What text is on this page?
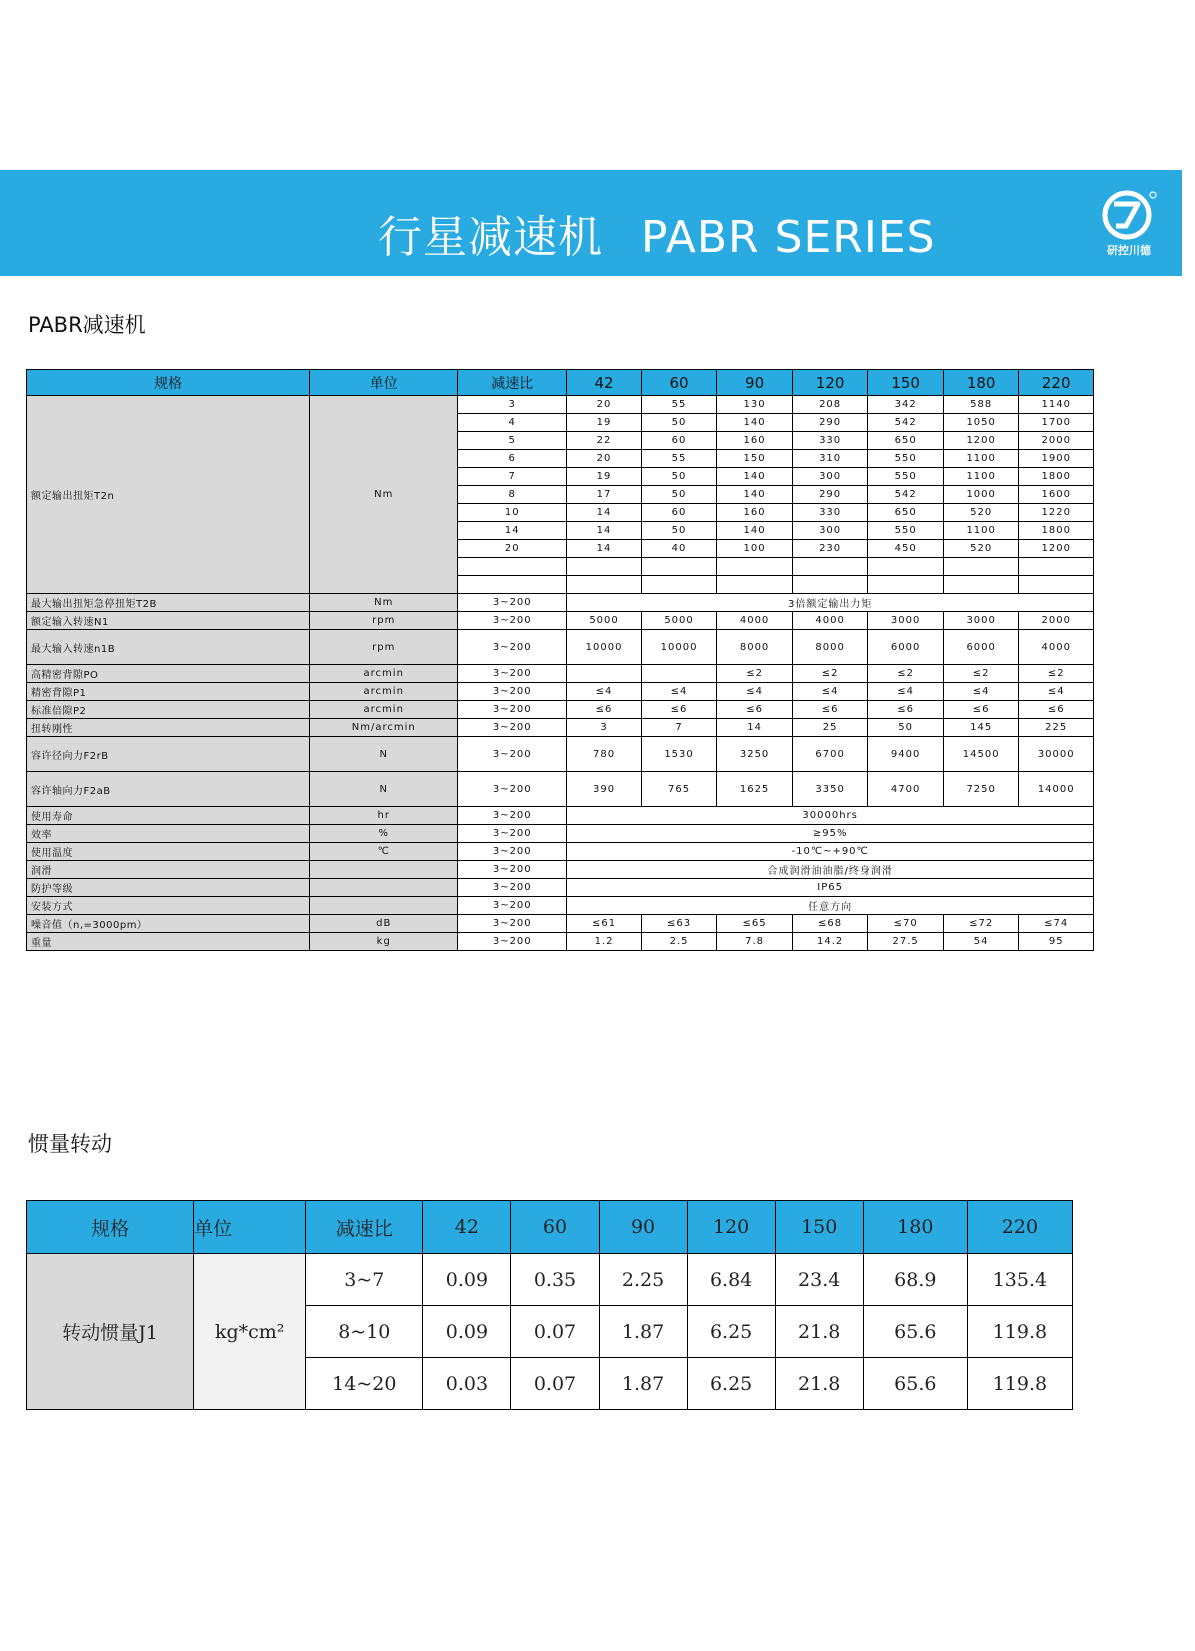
行星减速机 PABR SERIES	研控川德
PABR减速机
规格	单位	减速比	42	60	90	120	150	180	220
额定输出扭矩T2n	Nm	3	20	55	130	208	342	588	1140
		4	19	50	140	290	542	1050	1700
		5	22	60	160	330	650	1200	2000
		6	20	55	150	310	550	1100	1900
		7	19	50	140	300	550	1100	1800
		8	17	50	140	290	542	1000	1600
		10	14	60	160	330	650	520	1220
		14	14	50	140	300	550	1100	1800
		20	14	40	100	230	450	520	1200

最大输出扭矩急停扭矩T2B	Nm	3~200	3倍额定输出力矩						
额定输入转速N1	rpm	3~200	5000	5000	4000	4000	3000	3000	2000
最大输入转速n1B	rpm	3~200	10000	10000	8000	8000	6000	6000	4000
高精密背隙PO	arcmin	3~200			≤2	≤2	≤2	≤2	≤2
精密背隙P1	arcmin	3~200	≤4	≤4	≤4	≤4	≤4	≤4	≤4
标准倍隙P2	arcmin	3~200	≤6	≤6	≤6	≤6	≤6	≤6	≤6
扭转刚性	Nm/arcmin	3~200	3	7	14	25	50	145	225
容许径向力F2rB	N	3~200	780	1530	3250	6700	9400	14500	30000
容许轴向力F2aB	N	3~200	390	765	1625	3350	4700	7250	14000
使用寿命	hr	3~200	30000hrs						
效率	%	3~200	≥95%						
使用温度	℃	3~200	-10℃~+90℃						
润滑		3~200	合成润滑油油脂/终身润滑						
防护等级		3~200	IP65						
安装方式		3~200	任意方向						
噪音值（n,=3000pm）	dB	3~200	≤61	≤63	≤65	≤68	≤70	≤72	≤74
重量	kg	3~200	1.2	2.5	7.8	14.2	27.5	54	95
惯量转动
规格	单位	减速比	42	60	90	120	150	180	220
转动惯量J1	kg*cm²	3~7	0.09	0.35	2.25	6.84	23.4	68.9	135.4
		8~10	0.09	0.07	1.87	6.25	21.8	65.6	119.8
		14~20	0.03	0.07	1.87	6.25	21.8	65.6	119.8
